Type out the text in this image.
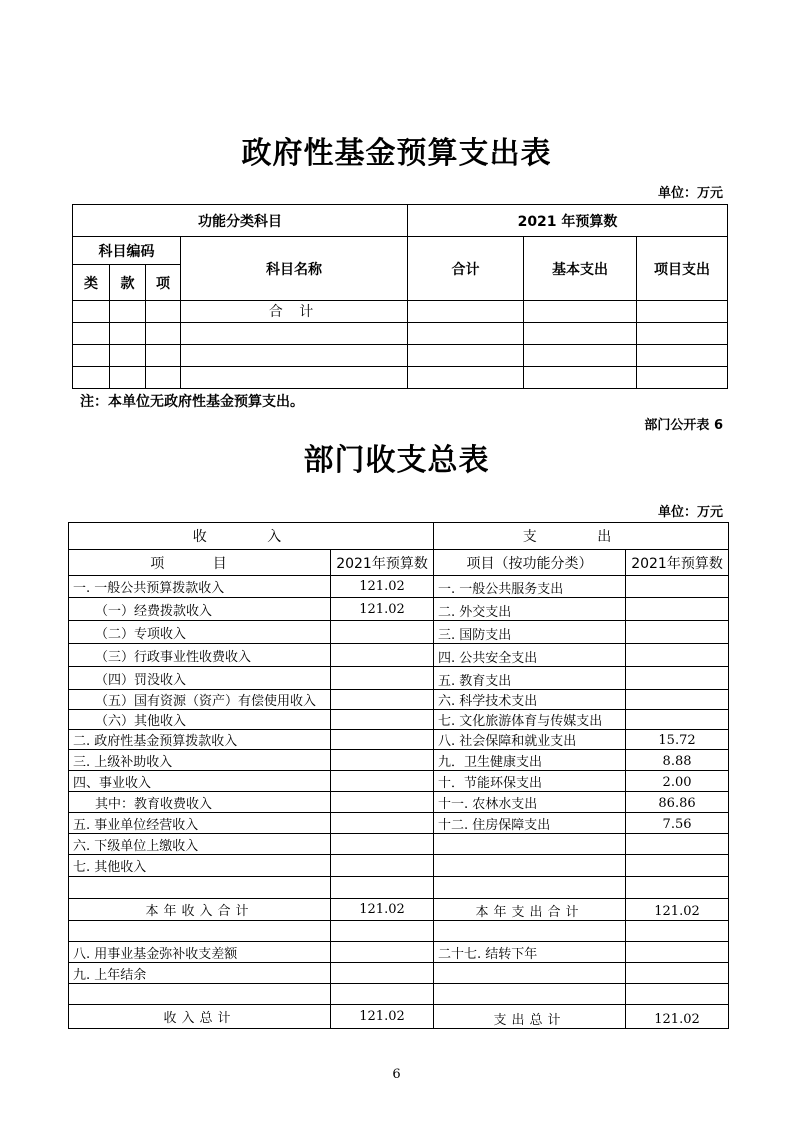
政府性基金预算支出表
单位：万元
功能分类科目				2021 年预算数		
科目编码			科目名称	合计	基本支出	项目支出
类	款	项				
			合 计			

注：本单位无政府性基金预算支出。
部门公开表 6
部门收支总表
单位：万元
收 入		支 出	
项 目	2021年预算数	项目（按功能分类）	2021年预算数
一. 一般公共预算拨款收入	121.02	一. 一般公共服务支出	
（一）经费拨款收入	121.02	二. 外交支出	
（二）专项收入		三. 国防支出	
（三）行政事业性收费收入		四. 公共安全支出	
（四）罚没收入		五. 教育支出	
（五）国有资源（资产）有偿使用收入		六. 科学技术支出	
（六）其他收入		七. 文化旅游体育与传媒支出	
二. 政府性基金预算拨款收入		八. 社会保障和就业支出	15.72
三. 上级补助收入		九．卫生健康支出	8.88
四、事业收入		十．节能环保支出	2.00
其中：教育收费收入		十一. 农林水支出	86.86
五. 事业单位经营收入		十二. 住房保障支出	7.56
六. 下级单位上缴收入			
七. 其他收入			

本年收入合计	121.02	本年支出合计	121.02

八. 用事业基金弥补收支差额		二十七. 结转下年	
九. 上年结余			

收入总计	121.02	支出总计	121.02
6
